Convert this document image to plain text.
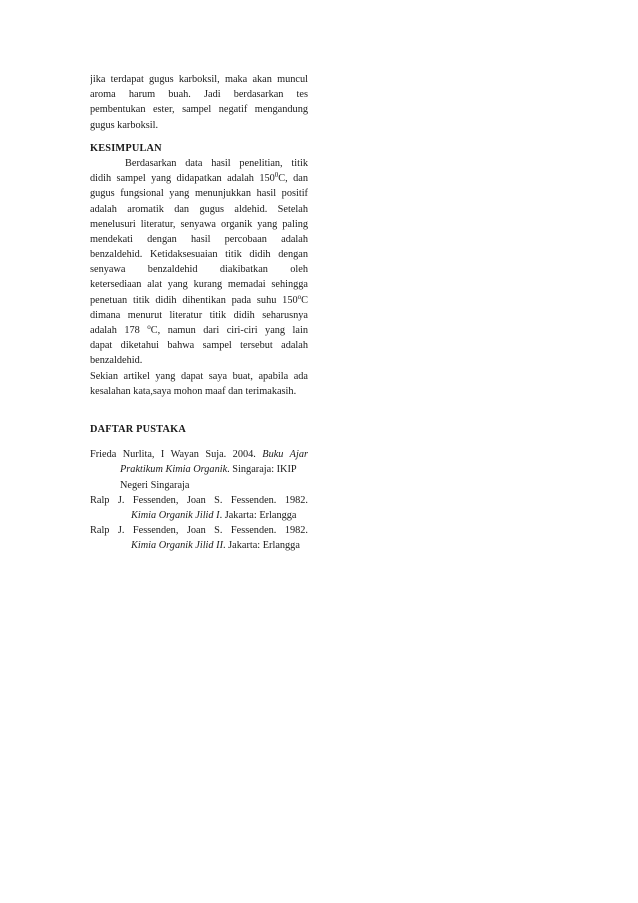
jika terdapat gugus karboksil, maka akan muncul
aroma harum buah. Jadi berdasarkan tes
pembentukan ester, sampel negatif mengandung
gugus karboksil.
KESIMPULAN
Berdasarkan data hasil penelitian, titik
didih sampel yang didapatkan adalah $150^0C$, dan
gugus fungsional yang menunjukkan hasil positif
adalah aromatik dan gugus aldehid. Setelah
menelusuri literatur, senyawa organik yang paling
mendekati dengan hasil percobaan adalah
benzaldehid. Ketidaksesuaian titik didih dengan
senyawa benzaldehid diakibatkan oleh
ketersediaan alat yang kurang memadai sehingga
penetuan titik didih dihentikan pada suhu 150$^o$C
dimana menurut literatur titik didih seharusnya
adalah 178 $^o$C, namun dari ciri-ciri yang lain
dapat diketahui bahwa sampel tersebut adalah
benzaldehid.
Sekian artikel yang dapat saya buat, apabila ada
kesalahan kata,saya mohon maaf dan terimakasih.
DAFTAR PUSTAKA
Frieda Nurlita, I Wayan Suja. 2004. Buku Ajar
Praktikum Kimia Organik. Singaraja: IKIP
Negeri Singaraja
Ralp J. Fessenden, Joan S. Fessenden. 1982.
Kimia Organik Jilid I. Jakarta: Erlangga
Ralp J. Fessenden, Joan S. Fessenden. 1982.
Kimia Organik Jilid II. Jakarta: Erlangga
